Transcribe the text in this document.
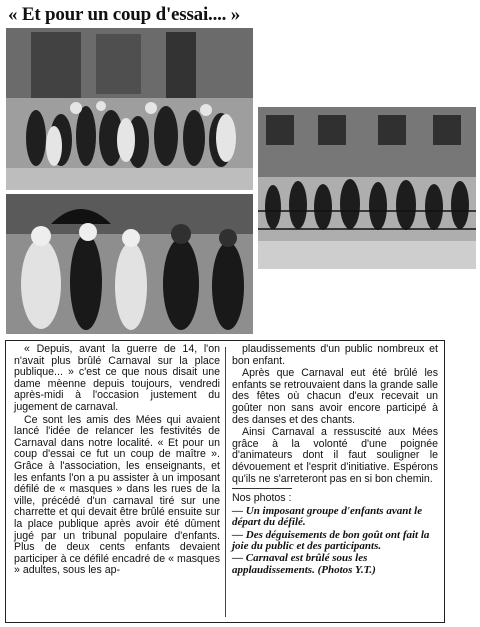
« Et pour un coup d'essai.... »

« Depuis, avant la guerre de 14, l'on n'avait plus brûlé Carnaval sur la place publique... » c'est ce que nous disait une dame mèenne depuis toujours, vendredi après-midi à l'occasion justement du jugement de carnaval.

Ce sont les amis des Mées qui avaient lancé l'idée de relancer les festivités de Carnaval dans notre localité. « Et pour un coup d'essai ce fut un coup de maître ». Grâce à l'association, les enseignants, et les enfants l'on a pu assister à un imposant défilé de « masques » dans les rues de la ville, précédé d'un carnaval tiré sur une charrette et qui devait être brûlé ensuite sur la place publique après avoir été dûment jugé par un tribunal populaire d'enfants. Plus de deux cents enfants devaient participer à ce défilé encadré de « masques » adultes, sous les ap-

plaudissements d'un public nombreux et bon enfant.

Après que Carnaval eut été brûlé les enfants se retrouvaient dans la grande salle des fêtes où chacun d'eux recevait un goûter non sans avoir encore participé à des danses et des chants.

Ainsi Carnaval a ressuscité aux Mées grâce à la volonté d'une poignée d'animateurs dont il faut souligner le dévouement et l'esprit d'initiative. Espérons qu'ils ne s'arreteront pas en si bon chemin.

Nos photos :

— Un imposant groupe d'enfants avant le départ du défilé.

— Des déguisements de bon goût ont fait la joie du public et des participants.

— Carnaval est brûlé sous les applaudissements. (Photos Y.T.)
